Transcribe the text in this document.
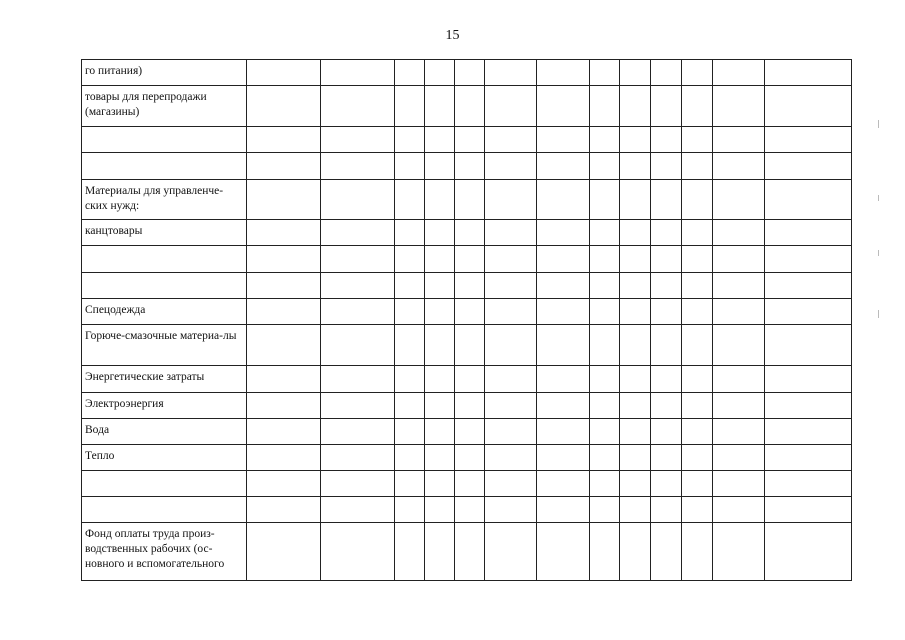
15
го питания)													
товары для перепродажи (магазины)													

Материалы для управленче-ских нужд:													
канцтовары													

Спецодежда													
Горюче-смазочные материа-лы													
Энергетические затраты													
Электроэнергия													
Вода													
Тепло													

Фонд оплаты труда произ-водственных рабочих (ос-новного и вспомогательного													
